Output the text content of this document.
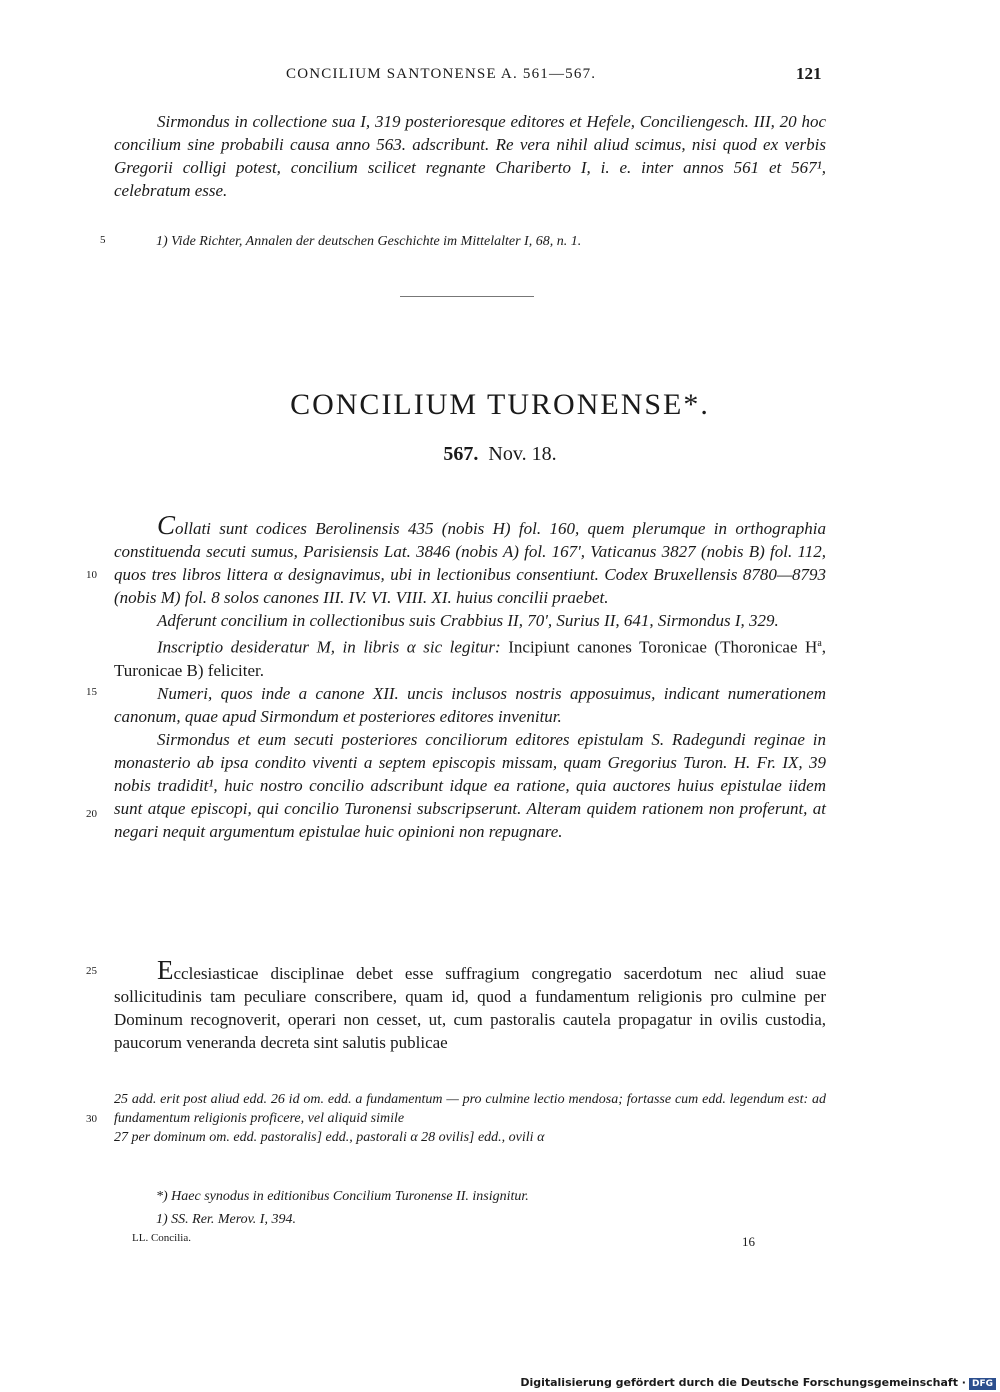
CONCILIUM SANTONENSE A. 561—567.	121

Sirmondus in collectione sua I, 319 posterioresque editores et Hefele, Conciliengesch. III, 20 hoc concilium sine probabili causa anno 563. adscribunt. Re vera nihil aliud scimus, nisi quod ex verbis Gregorii colligi potest, concilium scilicet regnante Chariberto I, i. e. inter annos 561 et 567¹, celebratum esse.

5	1) Vide Richter, Annalen der deutschen Geschichte im Mittelalter I, 68, n. 1.
CONCILIUM TURONENSE*.
567. Nov. 18.

Collati sunt codices Berolinensis 435 (nobis H) fol. 160, quem plerumque in orthographia constituenda secuti sumus, Parisiensis Lat. 3846 (nobis A) fol. 167', Vaticanus 3827 (nobis B) fol. 112, quos tres libros littera α designavimus, ubi in lectionibus consentiunt. Codex Bruxellensis 8780—8793 (nobis M) fol. 8 solos canones III. IV. VI. VIII. XI. huius concilii praebet.

Adferunt concilium in collectionibus suis Crabbius II, 70', Surius II, 641, Sirmondus I, 329.

Inscriptio desideratur M, in libris α sic legitur: Incipiunt canones Toronicae (Thoronicae $H^a$, Turonicae B) feliciter.

Numeri, quos inde a canone XII. uncis inclusos nostris apposuimus, indicant numerationem canonum, quae apud Sirmondum et posteriores editores invenitur.

Sirmondus et eum secuti posteriores conciliorum editores epistulam S. Radegundi reginae in monasterio ab ipsa condito viventi a septem episcopis missam, quam Gregorius Turon. H. Fr. IX, 39 nobis tradidit¹, huic nostro concilio adscribunt idque ea ratione, quia auctores huius epistulae iidem sunt atque episcopi, qui concilio Turonensi subscripserunt. Alteram quidem rationem non proferunt, at negari nequit argumentum epistulae huic opinioni non repugnare.

10
15
20
25	Ecclesiasticae disciplinae debet esse suffragium congregatio sacerdotum nec aliud suae sollicitudinis tam peculiare conscribere, quam id, quod a fundamentum religionis pro culmine per Dominum recognoverit, operari non cesset, ut, cum pastoralis cautela propagatur in ovilis custodia, paucorum veneranda decreta sint salutis publicae

30
25 add. erit post aliud edd. 26 id om. edd. a fundamentum — pro culmine lectio mendosa; fortasse cum edd. legendum est: ad fundamentum religionis proficere, vel aliquid simile
27 per dominum om. edd. pastoralis] edd., pastorali α 28 ovilis] edd., ovili α
*) Haec synodus in editionibus Concilium Turonense II. insignitur.
1) SS. Rer. Merov. I, 394.
LL. Concilia.	16
Digitalisierung gefördert durch die Deutsche Forschungsgemeinschaft · DFG
